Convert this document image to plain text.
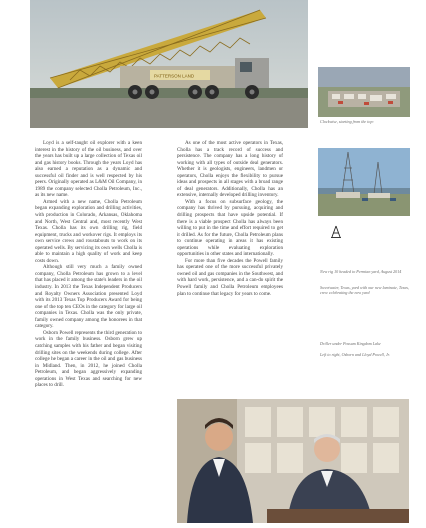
PATTERSON LAND
Clockwise, starting from the top:
New rig 10 headed to Permian yard, August 2014
Sweetwater, Texas, yard with our new laminate, Texas, crew celebrating the new yard
Driller under Possum Kingdom Lake
Left to right, Osborn and Lloyd Powell, Jr.

Loyd is a self-taught oil explorer with a keen interest in the history of the oil business, and over the years has built up a large collection of Texas oil and gas history books. Through the years Loyd has also earned a reputation as a dynamic and successful oil finder and is well respected by his peers. Originally operated as L&M Oil Company, in 1989 the company selected Cholla Petroleum, Inc., as its new name.

Armed with a new name, Cholla Petroleum began expanding exploration and drilling activities, with production in Colorado, Arkansas, Oklahoma and North, West Central and, most recently West Texas. Cholla has its own drilling rig, field equipment, trucks and workover rigs. It employs its own service crews and roustabouts to work on its operated wells. By servicing its own wells Cholla is able to maintain a high quality of work and keep costs down.

Although still very much a family owned company, Cholla Petroleum has grown to a level that has placed it among the state's leaders in the oil industry. In 2013 the Texas Independent Producers and Royalty Owners Association presented Loyd with its 2013 Texas Top Producers Award for being one of the top ten CEOs in the category for large oil companies in Texas. Cholla was the only private, family owned company among the honorees in that category.

Osborn Powell represents the third generation to work in the family business. Osborn grew up catching samples with his father and began visiting drilling sites on the weekends during college. After college he began a career in the oil and gas business in Midland. Then, in 2012, he joined Cholla Petroleum, and began aggressively expanding operations in West Texas and searching for new places to drill.

As one of the most active operators in Texas, Cholla has a track record of success and persistence. The company has a long history of working with all types of outside deal generators. Whether it is geologists, engineers, landmen or operators, Cholla enjoys the flexibility to pursue ideas and prospects in all stages with a broad range of deal generators. Additionally, Cholla has an extensive, internally developed drilling inventory.

With a focus on subsurface geology, the company has thrived by pursuing, acquiring and drilling prospects that have upside potential. If there is a viable prospect Cholla has always been willing to put in the time and effort required to get it drilled. As for the future, Cholla Petroleum plans to continue operating in areas it has existing operations while evaluating exploration opportunities in other states and internationally.

For more than five decades the Powell family has operated one of the more successful privately owned oil and gas companies in the Southwest, and with hard work, persistence, and a can-do spirit the Powell family and Cholla Petroleum employees plan to continue that legacy for years to come.
